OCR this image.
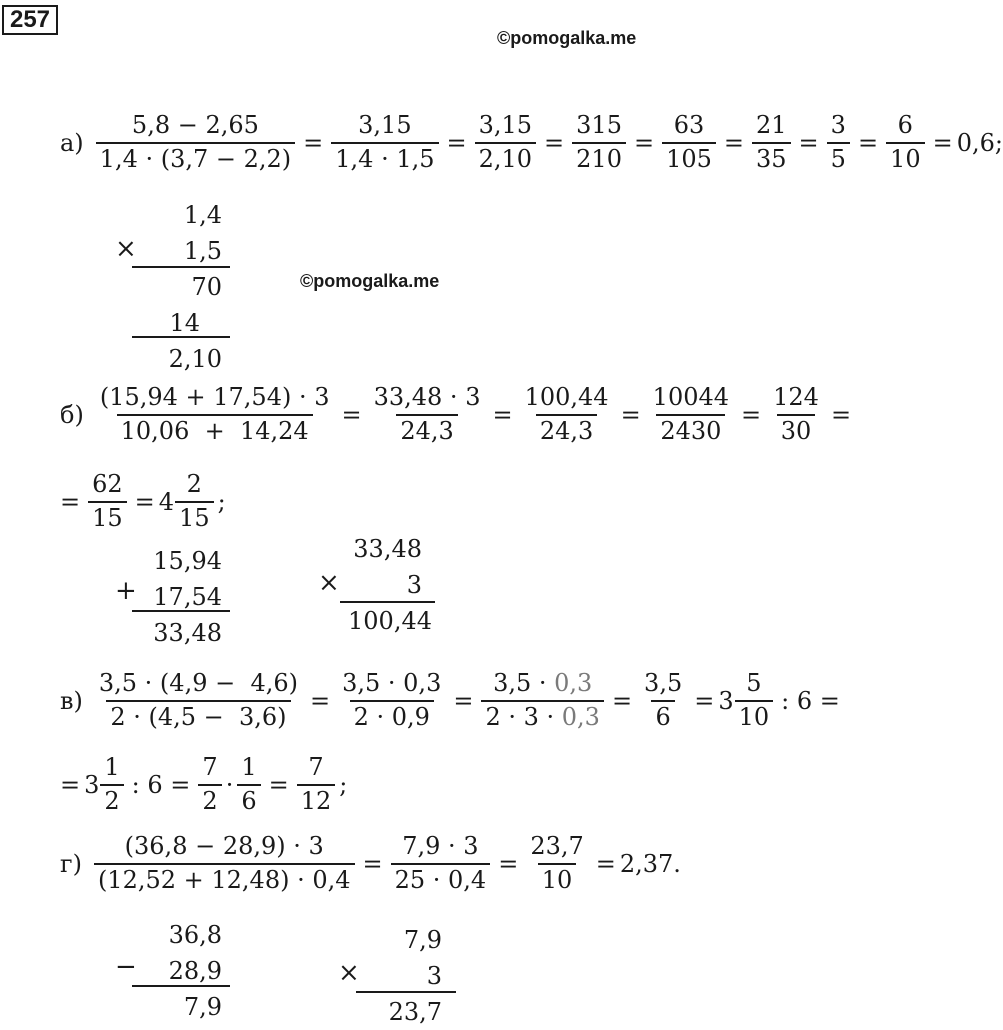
257
©pomogalka.me
©pomogalka.me
$а) \frac{5,8 - 2,65}{1,4 \cdot (3,7 - 2,2)} = \frac{3,15}{1,4 \cdot 1,5} = \frac{3,15}{2,10} = \frac{315}{210} = \frac{63}{105} = \frac{21}{35} = \frac{3}{5} = \frac{6}{10} = 0,6$;
×
1,4
1,5
70
14
2,10
$б) \frac{(15,94 + 17,54) \cdot 3}{10,06 + 14,24} = \frac{33,48 \cdot 3}{24,3} = \frac{100,44}{24,3} = \frac{10044}{2430} = \frac{124}{30}$ =
= $\frac{62}{15} = 4 \frac{2}{15}$ ;
+
15,94
17,54
33,48
×
33,48
3
100,44
$в) \frac{3,5 \cdot (4,9 - 4,6)}{2 \cdot (4,5 - 3,6)} = \frac{3,5 \cdot 0,3}{2 \cdot 0,9} = \frac{3,5 \cdot 0,3}{2 \cdot 3 \cdot 0,3} = \frac{3,5}{6} = 3 \frac{5}{10}$ : 6 =
= $3 \frac{1}{2}$ : $6 = \frac{7}{2} \cdot \frac{1}{6} = \frac{7}{12}$ ;
$г) \frac{(36,8 - 28,9) \cdot 3}{(12,52 + 12,48) \cdot 0,4} = \frac{7,9 \cdot 3}{25 \cdot 0,4} = \frac{23,7}{10} = 2,37$.
−
36,8
28,9
7,9
×
7,9
3
23,7
